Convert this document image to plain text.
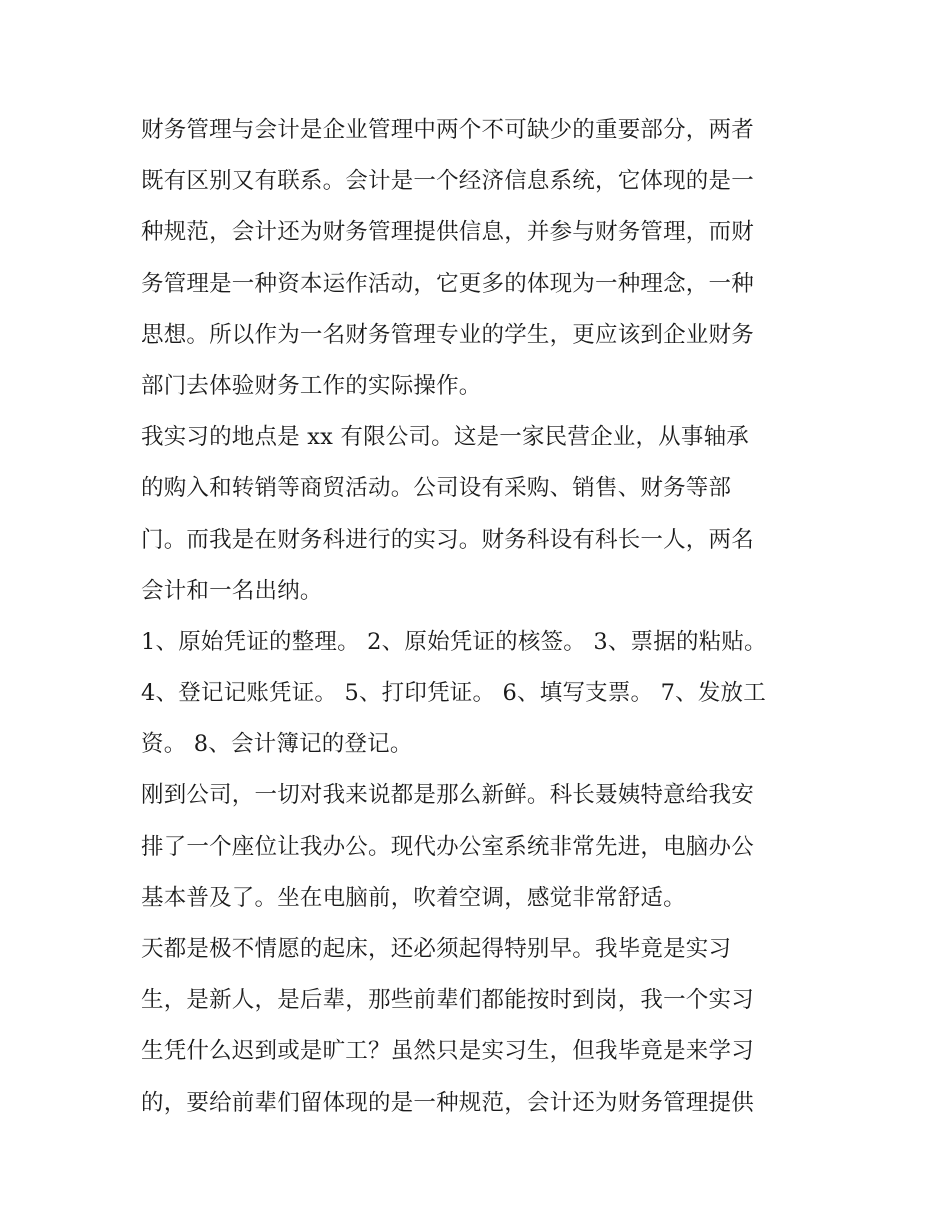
财务管理与会计是企业管理中两个不可缺少的重要部分，两者
既有区别又有联系。会计是一个经济信息系统，它体现的是一
种规范，会计还为财务管理提供信息，并参与财务管理，而财
务管理是一种资本运作活动，它更多的体现为一种理念，一种
思想。所以作为一名财务管理专业的学生，更应该到企业财务
部门去体验财务工作的实际操作。
我实习的地点是 xx 有限公司。这是一家民营企业，从事轴承
的购入和转销等商贸活动。公司设有采购、销售、财务等部
门。而我是在财务科进行的实习。财务科设有科长一人，两名
会计和一名出纳。
1、原始凭证的整理。 2、原始凭证的核签。 3、票据的粘贴。
4、登记记账凭证。 5、打印凭证。 6、填写支票。 7、发放工
资。 8、会计簿记的登记。
刚到公司，一切对我来说都是那么新鲜。科长聂姨特意给我安
排了一个座位让我办公。现代办公室系统非常先进，电脑办公
基本普及了。坐在电脑前，吹着空调，感觉非常舒适。
天都是极不情愿的起床，还必须起得特别早。我毕竟是实习
生，是新人，是后辈，那些前辈们都能按时到岗，我一个实习
生凭什么迟到或是旷工？虽然只是实习生，但我毕竟是来学习
的，要给前辈们留体现的是一种规范，会计还为财务管理提供
